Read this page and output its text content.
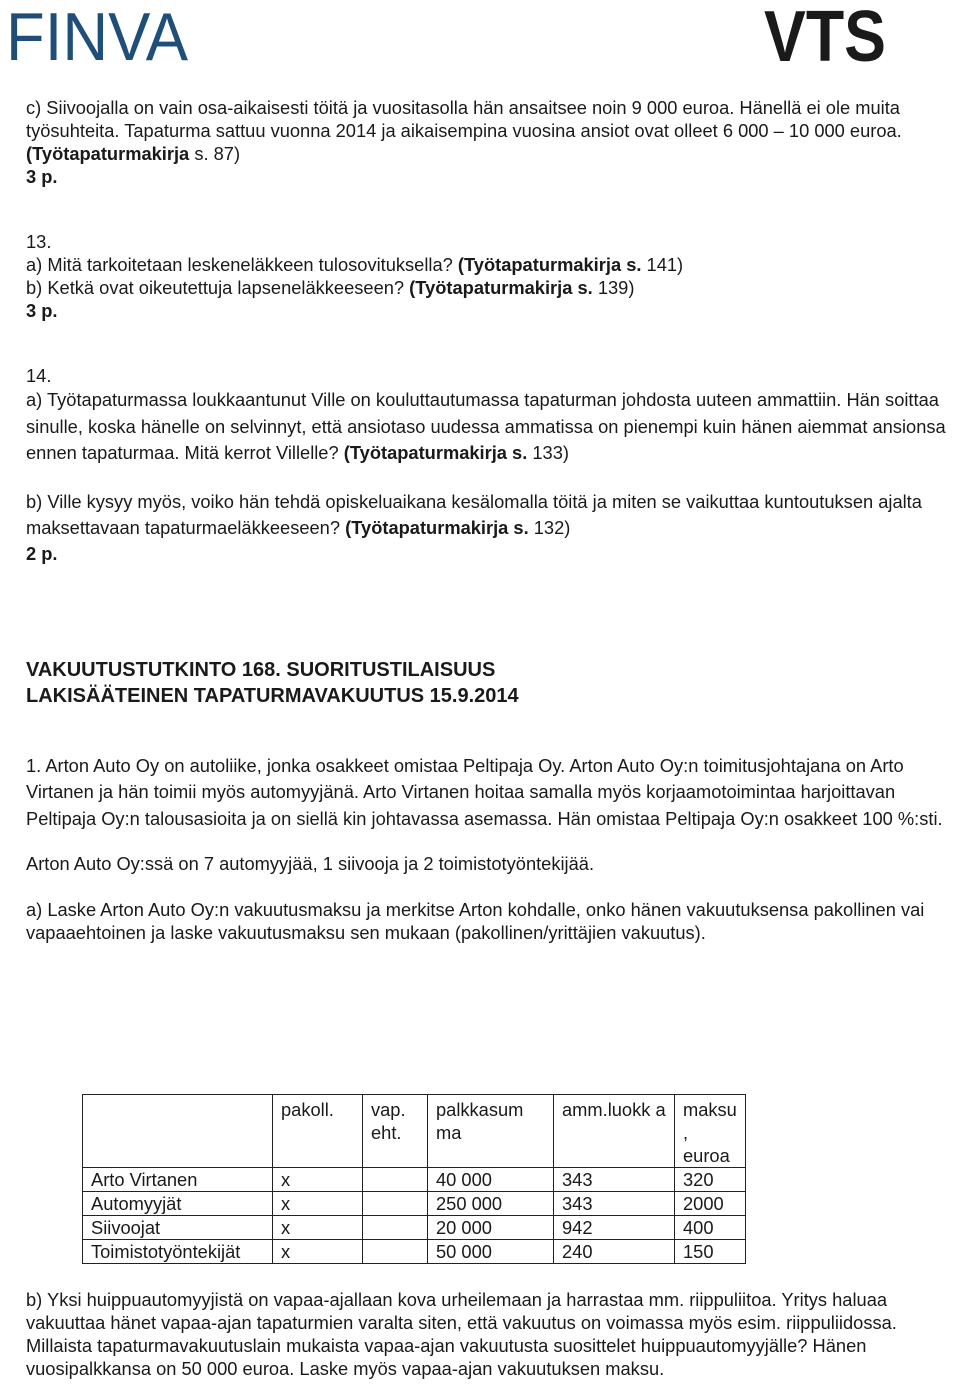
FINVA	VTS

c) Siivoojalla on vain osa-aikaisesti töitä ja vuositasolla hän ansaitsee noin 9 000 euroa. Hänellä ei ole muita työsuhteita. Tapaturma sattuu vuonna 2014 ja aikaisempina vuosina ansiot ovat olleet 6 000 – 10 000 euroa. (Työtapaturmakirja s. 87)

3 p.

13.

a) Mitä tarkoitetaan leskeneläkkeen tulosovituksella? (Työtapaturmakirja s. 141)

b) Ketkä ovat oikeutettuja lapseneläkkeeseen? (Työtapaturmakirja s. 139)

3 p.

14.

a) Työtapaturmassa loukkaantunut Ville on kouluttautumassa tapaturman johdosta uuteen ammattiin. Hän soittaa sinulle, koska hänelle on selvinnyt, että ansiotaso uudessa ammatissa on pienempi kuin hänen aiemmat ansionsa ennen tapaturmaa. Mitä kerrot Villelle? (Työtapaturmakirja s. 133)

b) Ville kysyy myös, voiko hän tehdä opiskeluaikana kesälomalla töitä ja miten se vaikuttaa kuntoutuksen ajalta maksettavaan tapaturmaeläkkeeseen? (Työtapaturmakirja s. 132)

2 p.

VAKUUTUSTUTKINTO 168. SUORITUSTILAISUUS

LAKISÄÄTEINEN TAPATURMAVAKUUTUS 15.9.2014

1. Arton Auto Oy on autoliike, jonka osakkeet omistaa Peltipaja Oy. Arton Auto Oy:n toimitusjohtajana on Arto Virtanen ja hän toimii myös automyyjänä. Arto Virtanen hoitaa samalla myös korjaamotoimintaa harjoittavan Peltipaja Oy:n talousasioita ja on siellä kin johtavassa asemassa. Hän omistaa Peltipaja Oy:n osakkeet 100 %:sti.

Arton Auto Oy:ssä on 7 automyyjää, 1 siivooja ja 2 toimistotyöntekijää.

a) Laske Arton Auto Oy:n vakuutusmaksu ja merkitse Arton kohdalle, onko hänen vakuutuksensa pakollinen vai vapaaehtoinen ja laske vakuutusmaksu sen mukaan (pakollinen/yrittäjien vakuutus).

	pakoll.	vap. eht.	palkkasum ma	amm.luokk a	maksu , euroa
Arto Virtanen	x		40 000	343	320
Automyyjät	x		250 000	343	2000
Siivoojat	x		20 000	942	400
Toimistotyöntekijät	x		50 000	240	150

b) Yksi huippuautomyyjistä on vapaa-ajallaan kova urheilemaan ja harrastaa mm. riippuliitoa. Yritys haluaa vakuuttaa hänet vapaa-ajan tapaturmien varalta siten, että vakuutus on voimassa myös esim. riippuliidossa. Millaista tapaturmavakuutuslain mukaista vapaa-ajan vakuutusta suosittelet huippuautomyyjälle? Hänen vuosipalkkansa on 50 000 euroa. Laske myös vapaa-ajan vakuutuksen maksu.
